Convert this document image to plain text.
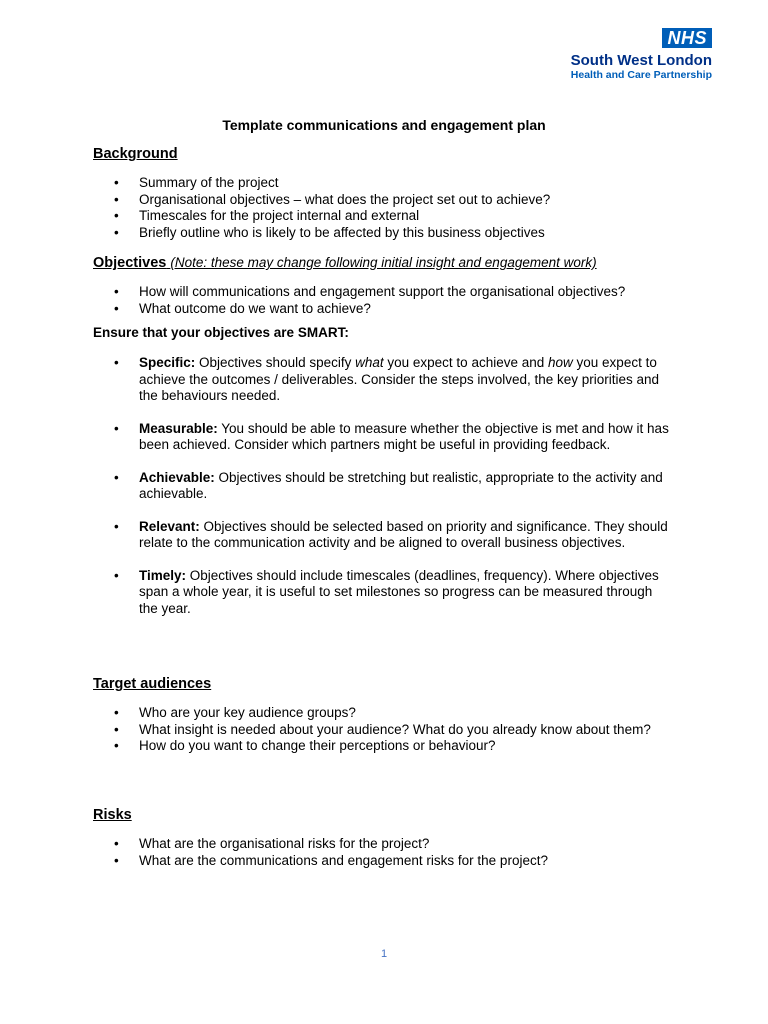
NHS
South West London
Health and Care Partnership
Template communications and engagement plan
Background
• Summary of the project
• Organisational objectives – what does the project set out to achieve?
• Timescales for the project internal and external
• Briefly outline who is likely to be affected by this business objectives
Objectives (Note: these may change following initial insight and engagement work)
• How will communications and engagement support the organisational objectives?
• What outcome do we want to achieve?

Ensure that your objectives are SMART:

• Specific: Objectives should specify what you expect to achieve and how you expect to achieve the outcomes / deliverables. Consider the steps involved, the key priorities and the behaviours needed.
• Measurable: You should be able to measure whether the objective is met and how it has been achieved. Consider which partners might be useful in providing feedback.
• Achievable: Objectives should be stretching but realistic, appropriate to the activity and achievable.
• Relevant: Objectives should be selected based on priority and significance. They should relate to the communication activity and be aligned to overall business objectives.
• Timely: Objectives should include timescales (deadlines, frequency). Where objectives span a whole year, it is useful to set milestones so progress can be measured through the year.
Target audiences
• Who are your key audience groups?
• What insight is needed about your audience? What do you already know about them?
• How do you want to change their perceptions or behaviour?
Risks
• What are the organisational risks for the project?
• What are the communications and engagement risks for the project?
1
